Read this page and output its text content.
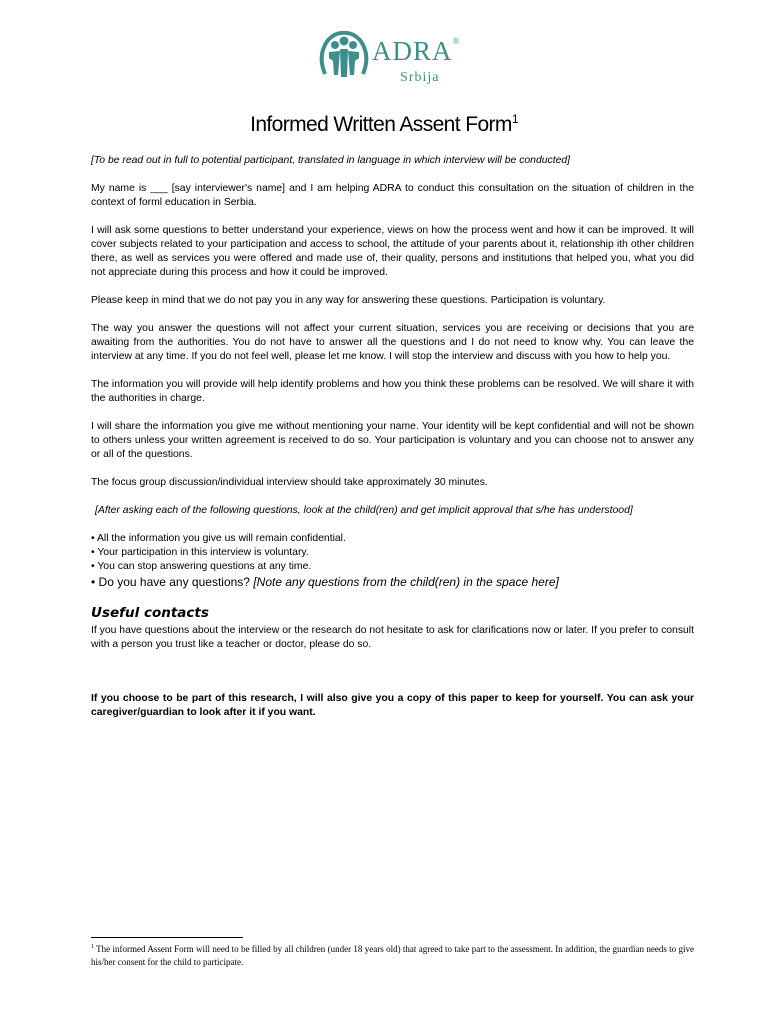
ADRA®
Srbija
Informed Written Assent Form$^1$

[To be read out in full to potential participant, translated in language in which interview will be conducted]

My name is ___ [say interviewer's name] and I am helping ADRA to conduct this consultation on the situation of children in the context of forml education in Serbia.

I will ask some questions to better understand your experience, views on how the process went and how it can be improved. It will cover subjects related to your participation and access to school, the attitude of your parents about it, relationship ith other children there, as well as services you were offered and made use of, their quality, persons and institutions that helped you, what you did not appreciate during this process and how it could be improved.

Please keep in mind that we do not pay you in any way for answering these questions. Participation is voluntary.

The way you answer the questions will not affect your current situation, services you are receiving or decisions that you are awaiting from the authorities. You do not have to answer all the questions and I do not need to know why. You can leave the interview at any time. If you do not feel well, please let me know. I will stop the interview and discuss with you how to help you.

The information you will provide will help identify problems and how you think these problems can be resolved. We will share it with the authorities in charge.

I will share the information you give me without mentioning your name. Your identity will be kept confidential and will not be shown to others unless your written agreement is received to do so. Your participation is voluntary and you can choose not to answer any or all of the questions.

The focus group discussion/individual interview should take approximately 30 minutes.

[After asking each of the following questions, look at the child(ren) and get implicit approval that s/he has understood]

• All the information you give us will remain confidential.
• Your participation in this interview is voluntary.
• You can stop answering questions at any time.
• Do you have any questions? [Note any questions from the child(ren) in the space here]

Useful contacts

If you have questions about the interview or the research do not hesitate to ask for clarifications now or later. If you prefer to consult with a person you trust like a teacher or doctor, please do so.

If you choose to be part of this research, I will also give you a copy of this paper to keep for yourself. You can ask your caregiver/guardian to look after it if you want.

$^1$ The informed Assent Form will need to be filled by all children (under 18 years old) that agreed to take part to the assessment. In addition, the guardian needs to give his/her consent for the child to participate.
